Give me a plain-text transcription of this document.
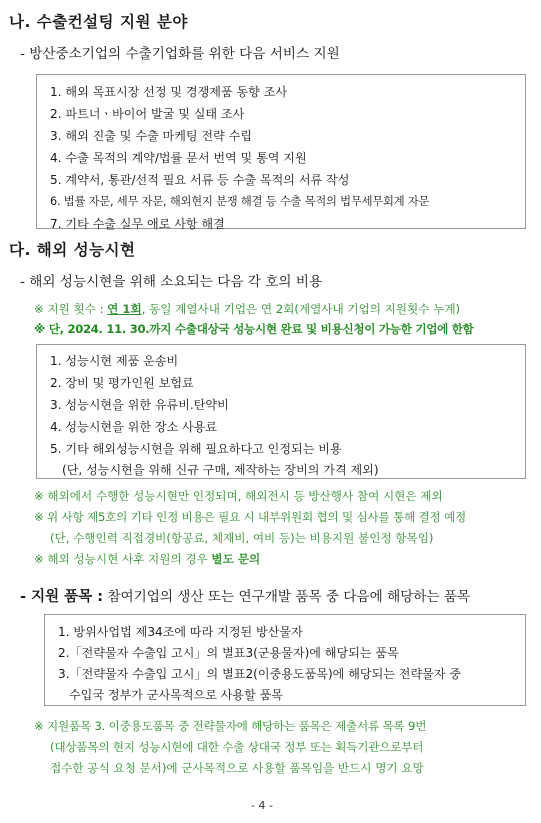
나. 수출컨설팅 지원 분야
- 방산중소기업의 수출기업화를 위한 다음 서비스 지원
1. 해외 목표시장 선정 및 경쟁제품 동향 조사
2. 파트너ㆍ바이어 발굴 및 실태 조사
3. 해외 진출 및 수출 마케팅 전략 수립
4. 수출 목적의 계약/법률 문서 번역 및 통역 지원
5. 계약서, 통관/선적 필요 서류 등 수출 목적의 서류 작성
6. 법률 자문, 세무 자문, 해외현지 분쟁 해결 등 수출 목적의 법무세무회계 자문
7. 기타 수출 실무 애로 사항 해결
다. 해외 성능시현
- 해외 성능시현을 위해 소요되는 다음 각 호의 비용
※ 지원 횟수 : 연 1회, 동일 계열사내 기업은 연 2회(계열사내 기업의 지원횟수 누계)
※ 단, 2024. 11. 30.까지 수출대상국 성능시현 완료 및 비용신청이 가능한 기업에 한함
1. 성능시현 제품 운송비
2. 장비 및 평가인원 보험료
3. 성능시현을 위한 유류비.탄약비
4. 성능시현을 위한 장소 사용료
5. 기타 해외성능시현을 위해 필요하다고 인정되는 비용
(단, 성능시현을 위해 신규 구매, 제작하는 장비의 가격 제외)
※ 해외에서 수행한 성능시현만 인정되며, 해외전시 등 방산행사 참여 시현은 제외
※ 위 사항 제5호의 기타 인정 비용은 필요 시 내부위원회 협의 및 심사를 통해 결정 예정
(단, 수행인력 직접경비(항공료, 체재비, 여비 등)는 비용지원 불인정 항목임)
※ 해외 성능시현 사후 지원의 경우 별도 문의
- 지원 품목 : 참여기업의 생산 또는 연구개발 품목 중 다음에 해당하는 품목
1. 방위사업법 제34조에 따라 지정된 방산물자
2.「전략물자 수출입 고시」의 별표3(군용물자)에 해당되는 품목
3.「전략물자 수출입 고시」의 별표2(이중용도품목)에 해당되는 전략물자 중
수입국 정부가 군사목적으로 사용할 품목
※ 지원품목 3. 이중용도품목 중 전략물자에 해당하는 품목은 제출서류 목록 9번
(대상품목의 현지 성능시현에 대한 수출 상대국 정부 또는 획득기관으로부터
접수한 공식 요청 문서)에 군사목적으로 사용할 품목임을 반드시 명기 요망
- 4 -
